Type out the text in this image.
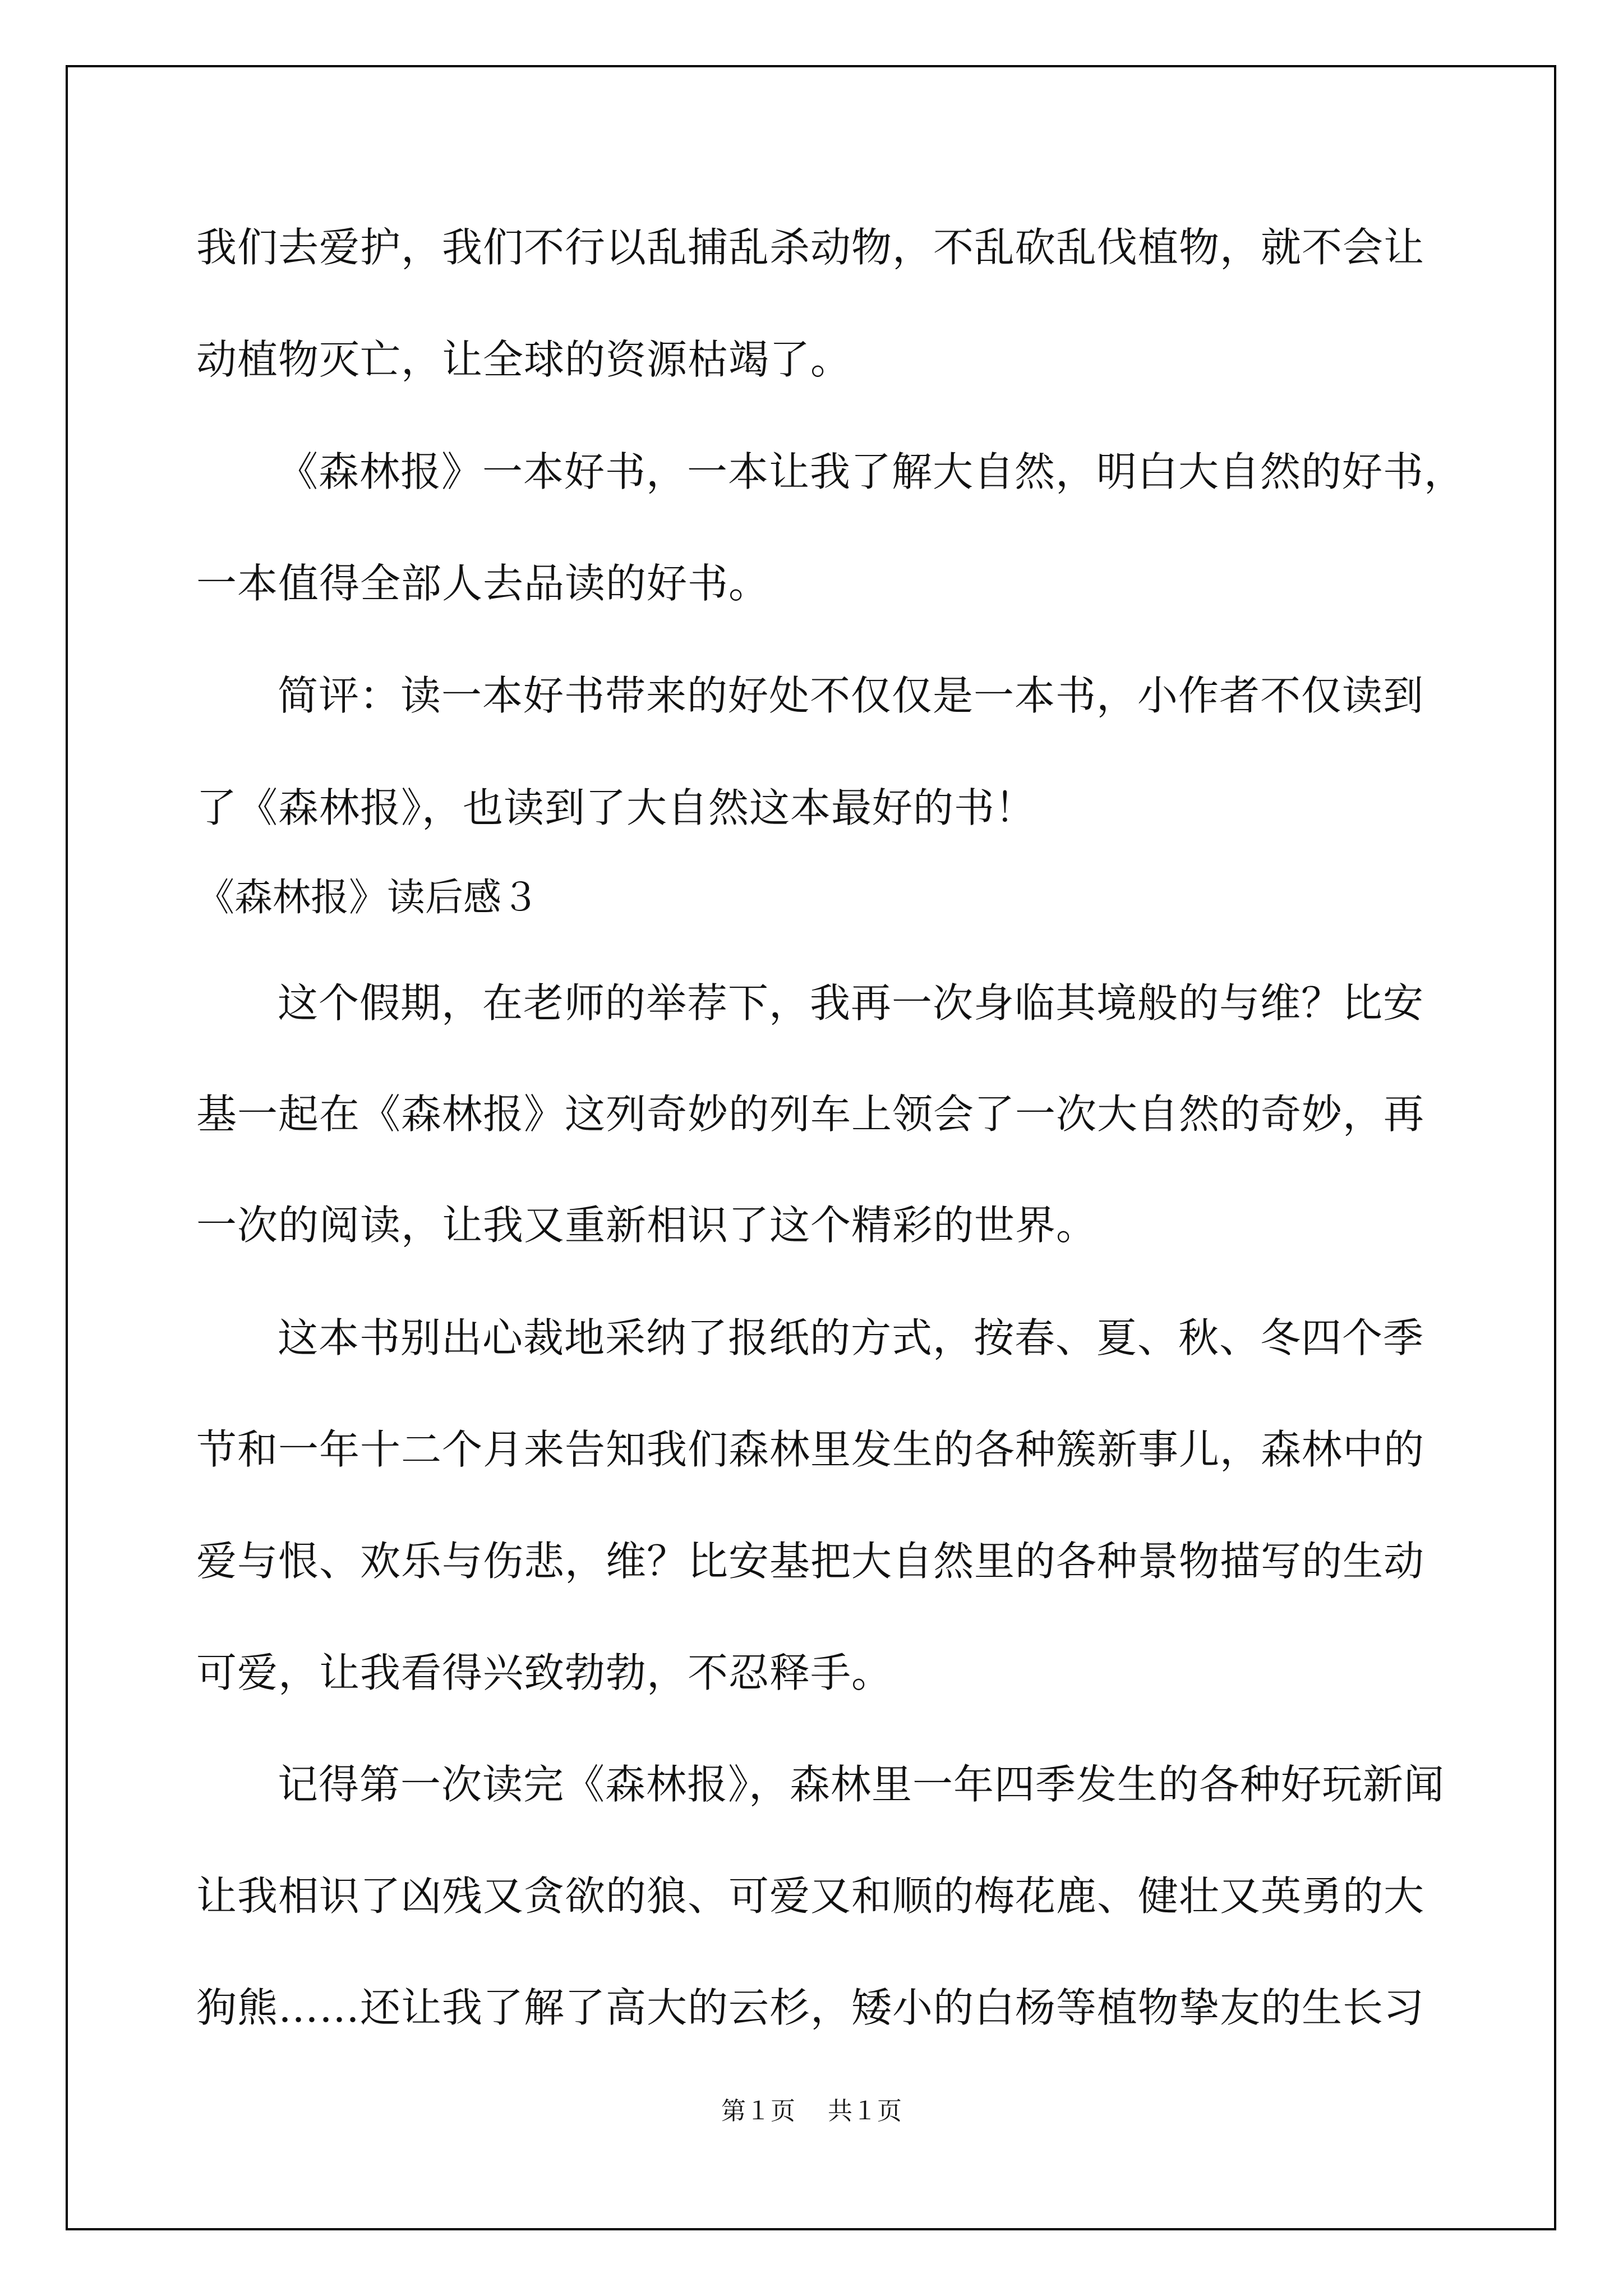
我们去爱护，我们不行以乱捕乱杀动物，不乱砍乱伐植物，就不会让
动植物灭亡，让全球的资源枯竭了。
《森林报》一本好书，一本让我了解大自然，明白大自然的好书，
一本值得全部人去品读的好书。
简评：读一本好书带来的好处不仅仅是一本书，小作者不仅读到
了《森林报》，也读到了大自然这本最好的书！
《森林报》读后感３
这个假期，在老师的举荐下，我再一次身临其境般的与维？比安
基一起在《森林报》这列奇妙的列车上领会了一次大自然的奇妙，再
一次的阅读，让我又重新相识了这个精彩的世界。
这本书别出心裁地采纳了报纸的方式，按春、夏、秋、冬四个季
节和一年十二个月来告知我们森林里发生的各种簇新事儿，森林中的
爱与恨、欢乐与伤悲，维？比安基把大自然里的各种景物描写的生动
可爱，让我看得兴致勃勃，不忍释手。
记得第一次读完《森林报》，森林里一年四季发生的各种好玩新闻
让我相识了凶残又贪欲的狼、可爱又和顺的梅花鹿、健壮又英勇的大
狗熊……还让我了解了高大的云杉，矮小的白杨等植物挚友的生长习
第１页 共１页
